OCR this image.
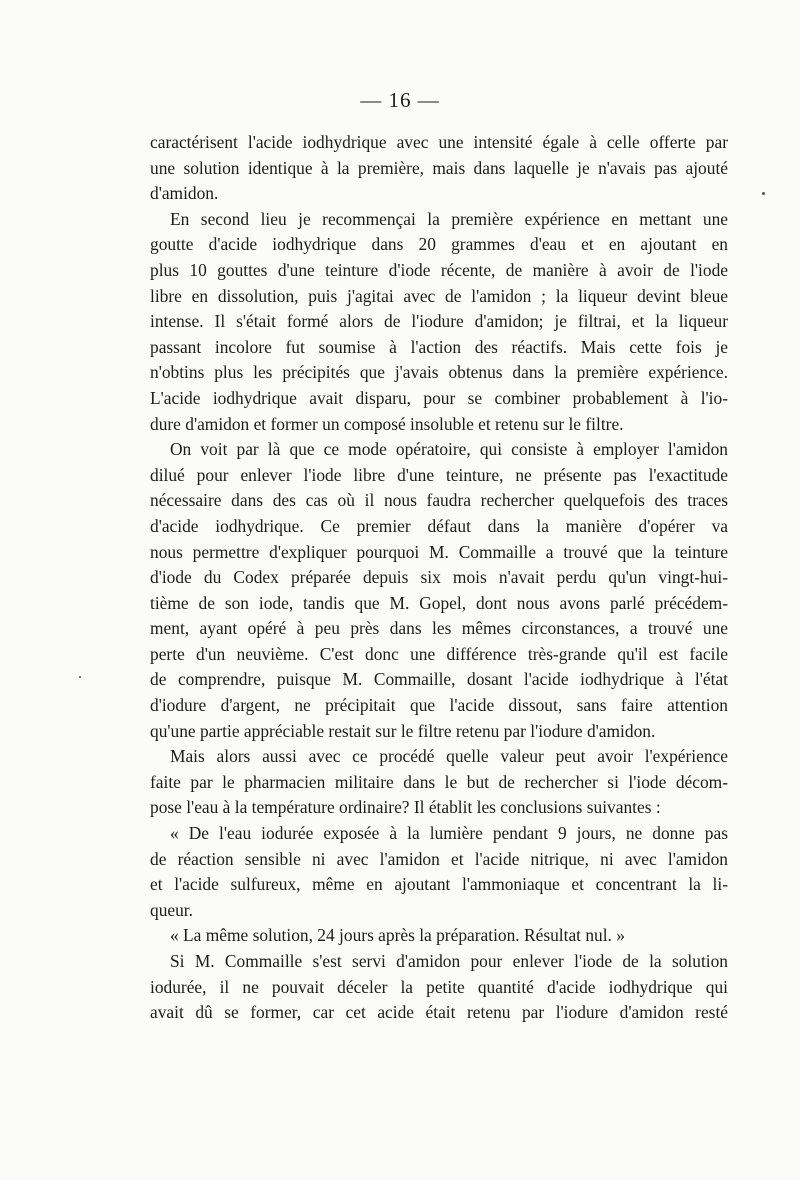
— 16 —

caractérisent l'acide iodhydrique avec une intensité égale à celle offerte par
une solution identique à la première, mais dans laquelle je n'avais pas ajouté
d'amidon.

En second lieu je recommençai la première expérience en mettant une
goutte d'acide iodhydrique dans 20 grammes d'eau et en ajoutant en
plus 10 gouttes d'une teinture d'iode récente, de manière à avoir de l'iode
libre en dissolution, puis j'agitai avec de l'amidon ; la liqueur devint bleue
intense. Il s'était formé alors de l'iodure d'amidon; je filtrai, et la liqueur
passant incolore fut soumise à l'action des réactifs. Mais cette fois je
n'obtins plus les précipités que j'avais obtenus dans la première expérience.
L'acide iodhydrique avait disparu, pour se combiner probablement à l'io-
dure d'amidon et former un composé insoluble et retenu sur le filtre.

On voit par là que ce mode opératoire, qui consiste à employer l'amidon
dilué pour enlever l'iode libre d'une teinture, ne présente pas l'exactitude
nécessaire dans des cas où il nous faudra rechercher quelquefois des traces
d'acide iodhydrique. Ce premier défaut dans la manière d'opérer va
nous permettre d'expliquer pourquoi M. Commaille a trouvé que la teinture
d'iode du Codex préparée depuis six mois n'avait perdu qu'un vingt-hui-
tième de son iode, tandis que M. Gopel, dont nous avons parlé précédem-
ment, ayant opéré à peu près dans les mêmes circonstances, a trouvé une
perte d'un neuvième. C'est donc une différence très-grande qu'il est facile
de comprendre, puisque M. Commaille, dosant l'acide iodhydrique à l'état
d'iodure d'argent, ne précipitait que l'acide dissout, sans faire attention
qu'une partie appréciable restait sur le filtre retenu par l'iodure d'amidon.

Mais alors aussi avec ce procédé quelle valeur peut avoir l'expérience
faite par le pharmacien militaire dans le but de rechercher si l'iode décom-
pose l'eau à la température ordinaire? Il établit les conclusions suivantes :

« De l'eau iodurée exposée à la lumière pendant 9 jours, ne donne pas
de réaction sensible ni avec l'amidon et l'acide nitrique, ni avec l'amidon
et l'acide sulfureux, même en ajoutant l'ammoniaque et concentrant la li-
queur.

« La même solution, 24 jours après la préparation. Résultat nul. »

Si M. Commaille s'est servi d'amidon pour enlever l'iode de la solution
iodurée, il ne pouvait déceler la petite quantité d'acide iodhydrique qui
avait dû se former, car cet acide était retenu par l'iodure d'amidon resté
